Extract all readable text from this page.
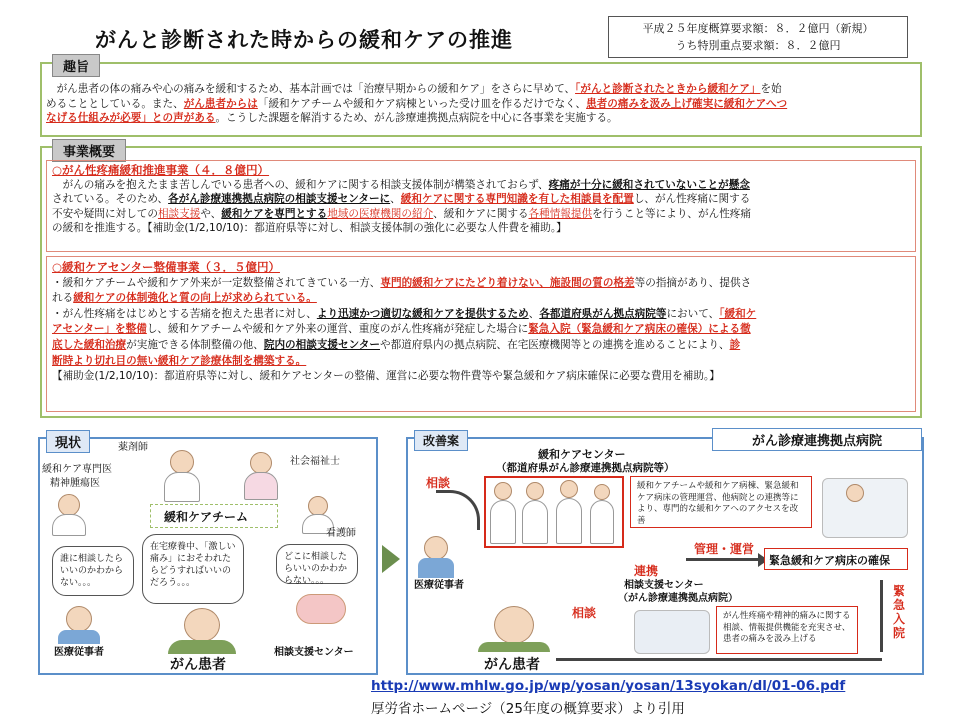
がんと診断された時からの緩和ケアの推進	平成２５年度概算要求額：８．２億円（新規）
うち特別重点要求額：８．２億円
趣旨
　がん患者の体の痛みや心の痛みを緩和するため、基本計画では「治療早期からの緩和ケア」をさらに早めて、「がんと診断されたときから緩和ケア」を始
めることとしている。また、がん患者からは「緩和ケアチームや緩和ケア病棟といった受け皿を作るだけでなく、患者の痛みを汲み上げ確実に緩和ケアへつ
なげる仕組みが必要」との声がある。こうした課題を解消するため、がん診療連携拠点病院を中心に各事業を実施する。
事業概要
○がん性疼痛緩和推進事業（４．８億円）
　がんの痛みを抱えたまま苦しんでいる患者への、緩和ケアに関する相談支援体制が構築されておらず、疼痛が十分に緩和されていないことが懸念
されている。そのため、各がん診療連携拠点病院の相談支援センターに、緩和ケアに関する専門知識を有した相談員を配置し、がん性疼痛に関する
不安や疑問に対しての相談支援や、緩和ケアを専門とする地域の医療機関の紹介、緩和ケアに関する各種情報提供を行うこと等により、がん性疼痛
の緩和を推進する。【補助金(1/2,10/10)：都道府県等に対し、相談支援体制の強化に必要な人件費を補助。】
○緩和ケアセンター整備事業（３．５億円）
・緩和ケアチームや緩和ケア外来が一定数整備されてきている一方、専門的緩和ケアにたどり着けない、施設間の質の格差等の指摘があり、提供さ
れる緩和ケアの体制強化と質の向上が求められている。
・がん性疼痛をはじめとする苦痛を抱えた患者に対し、より迅速かつ適切な緩和ケアを提供するため、各都道府県がん拠点病院等において、「緩和ケ
アセンター」を整備し、緩和ケアチームや緩和ケア外来の運営、重度のがん性疼痛が発症した場合に緊急入院（緊急緩和ケア病床の確保）による徹
底した緩和治療が実施できる体制整備の他、院内の相談支援センターや都道府県内の拠点病院、在宅医療機関等との連携を進めることにより、診
断時より切れ目の無い緩和ケア診療体制を構築する。
【補助金(1/2,10/10)：都道府県等に対し、緩和ケアセンターの整備、運営に必要な物件費等や緊急緩和ケア病床確保に必要な費用を補助。】
現状	薬剤師
緩和ケア専門医
精神腫瘍医
社会福祉士
緩和ケアチーム
看護師
誰に相談したらいいのかわからない。。。
在宅療養中、「激しい痛み」におそわれたらどうすればいいのだろう。。。
どこに相談したらいいのかわからない。。。
医療従事者
がん患者
相談支援センター
改善案	がん診療連携拠点病院
緩和ケアセンター
（都道府県がん診療連携拠点病院等）
緩和ケアチームや緩和ケア病棟、緊急緩和ケア病床の管理運営、他病院との連携等により、専門的な緩和ケアへのアクセスを改善
相談
連携
管理・運営
緊急緩和ケア病床の確保
緊急入院
医療従事者
相談
相談支援センター
（がん診療連携拠点病院）
がん性疼痛や精神的痛みに関する相談、情報提供機能を充実させ、患者の痛みを汲み上げる
がん患者
http://www.mhlw.go.jp/wp/yosan/yosan/13syokan/dl/01-06.pdf
厚労省ホームページ（25年度の概算要求）より引用
